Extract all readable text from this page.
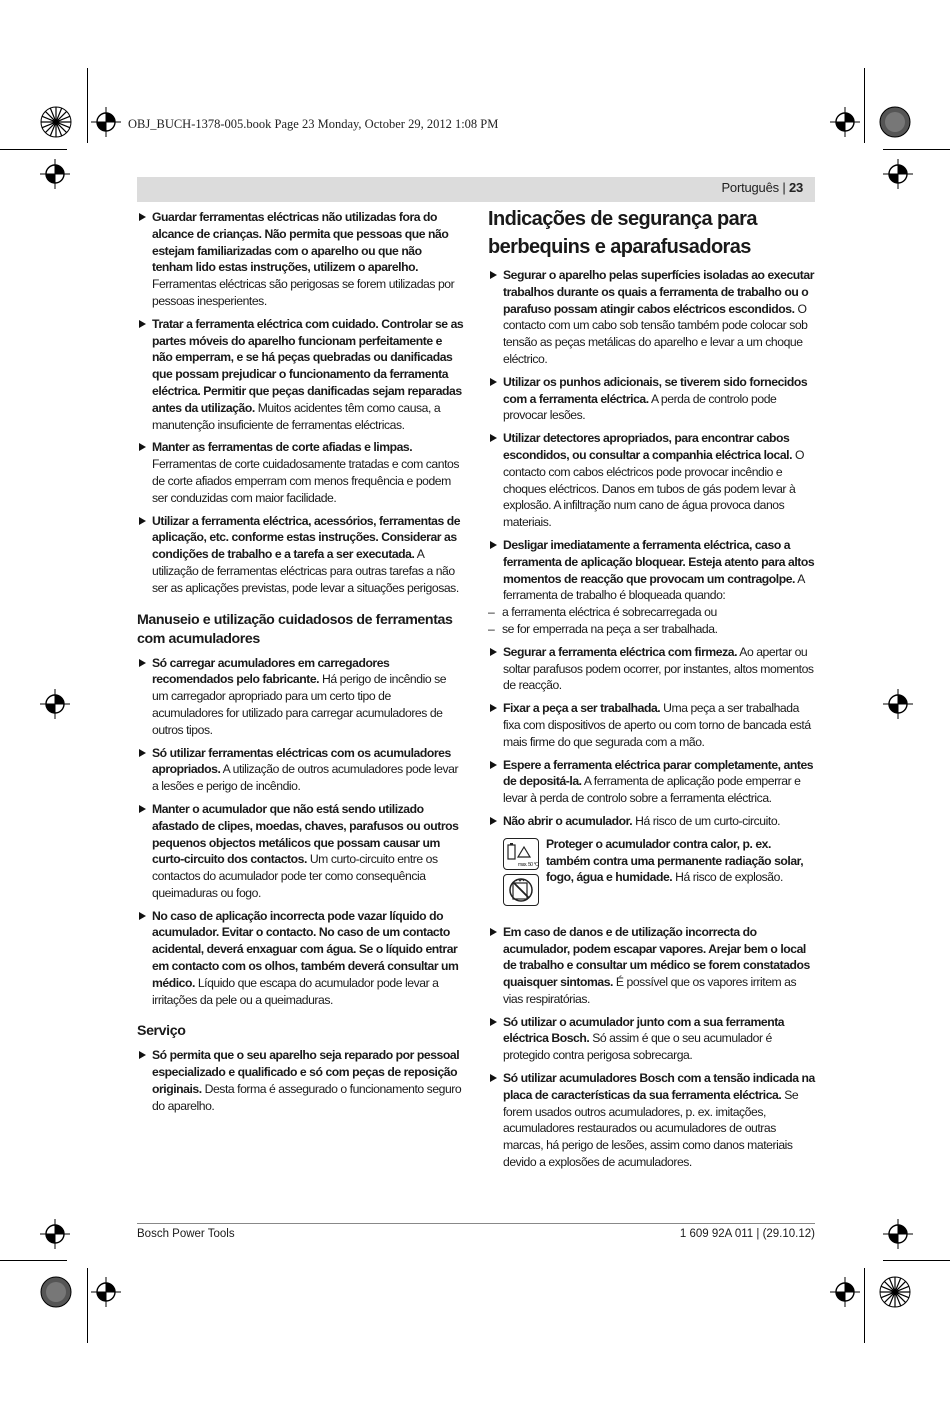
OBJ_BUCH-1378-005.book Page 23 Monday, October 29, 2012 1:08 PM
Português | 23
Guardar ferramentas eléctricas não utilizadas fora do alcance de crianças. Não permita que pessoas que não estejam familiarizadas com o aparelho ou que não tenham lido estas instruções, utilizem o aparelho. Ferramentas eléctricas são perigosas se forem utilizadas por pessoas inesperientes.
Tratar a ferramenta eléctrica com cuidado. Controlar se as partes móveis do aparelho funcionam perfeitamente e não emperram, e se há peças quebradas ou danificadas que possam prejudicar o funcionamento da ferramenta eléctrica. Permitir que peças danificadas sejam reparadas antes da utilização. Muitos acidentes têm como causa, a manutenção insuficiente de ferramentas eléctricas.
Manter as ferramentas de corte afiadas e limpas. Ferramentas de corte cuidadosamente tratadas e com cantos de corte afiados emperram com menos frequência e podem ser conduzidas com maior facilidade.
Utilizar a ferramenta eléctrica, acessórios, ferramentas de aplicação, etc. conforme estas instruções. Considerar as condições de trabalho e a tarefa a ser executada. A utilização de ferramentas eléctricas para outras tarefas a não ser as aplicações previstas, pode levar a situações perigosas.
Manuseio e utilização cuidadosos de ferramentas com acumuladores
Só carregar acumuladores em carregadores recomendados pelo fabricante. Há perigo de incêndio se um carregador apropriado para um certo tipo de acumuladores for utilizado para carregar acumuladores de outros tipos.
Só utilizar ferramentas eléctricas com os acumuladores apropriados. A utilização de outros acumuladores pode levar a lesões e perigo de incêndio.
Manter o acumulador que não está sendo utilizado afastado de clipes, moedas, chaves, parafusos ou outros pequenos objectos metálicos que possam causar um curto-circuito dos contactos. Um curto-circuito entre os contactos do acumulador pode ter como consequência queimaduras ou fogo.
No caso de aplicação incorrecta pode vazar líquido do acumulador. Evitar o contacto. No caso de um contacto acidental, deverá enxaguar com água. Se o líquido entrar em contacto com os olhos, também deverá consultar um médico. Líquido que escapa do acumulador pode levar a irritações da pele ou a queimaduras.
Serviço
Só permita que o seu aparelho seja reparado por pessoal especializado e qualificado e só com peças de reposição originais. Desta forma é assegurado o funcionamento seguro do aparelho.
Indicações de segurança para berbequins e aparafusadoras
Segurar o aparelho pelas superfícies isoladas ao executar trabalhos durante os quais a ferramenta de trabalho ou o parafuso possam atingir cabos eléctricos escondidos. O contacto com um cabo sob tensão também pode colocar sob tensão as peças metálicas do aparelho e levar a um choque eléctrico.
Utilizar os punhos adicionais, se tiverem sido fornecidos com a ferramenta eléctrica. A perda de controlo pode provocar lesões.
Utilizar detectores apropriados, para encontrar cabos escondidos, ou consultar a companhia eléctrica local. O contacto com cabos eléctricos pode provocar incêndio e choques eléctricos. Danos em tubos de gás podem levar à explosão. A infiltração num cano de água provoca danos materiais.
Desligar imediatamente a ferramenta eléctrica, caso a ferramenta de aplicação bloquear. Esteja atento para altos momentos de reacção que provocam um contragolpe. A ferramenta de trabalho é bloqueada quando:
– a ferramenta eléctrica é sobrecarregada ou
– se for emperrada na peça a ser trabalhada.
Segurar a ferramenta eléctrica com firmeza. Ao apertar ou soltar parafusos podem ocorrer, por instantes, altos momentos de reacção.
Fixar a peça a ser trabalhada. Uma peça a ser trabalhada fixa com dispositivos de aperto ou com torno de bancada está mais firme do que segurada com a mão.
Espere a ferramenta eléctrica parar completamente, antes de depositá-la. A ferramenta de aplicação pode emperrar e levar à perda de controlo sobre a ferramenta eléctrica.
Não abrir o acumulador. Há risco de um curto-circuito.
max. 50 °C
Proteger o acumulador contra calor, p. ex. também contra uma permanente radiação solar, fogo, água e humidade. Há risco de explosão.
Em caso de danos e de utilização incorrecta do acumulador, podem escapar vapores. Arejar bem o local de trabalho e consultar um médico se forem constatados quaisquer sintomas. É possível que os vapores irritem as vias respiratórias.
Só utilizar o acumulador junto com a sua ferramenta eléctrica Bosch. Só assim é que o seu acumulador é protegido contra perigosa sobrecarga.
Só utilizar acumuladores Bosch com a tensão indicada na placa de características da sua ferramenta eléctrica. Se forem usados outros acumuladores, p. ex. imitações, acumuladores restaurados ou acumuladores de outras marcas, há perigo de lesões, assim como danos materiais devido a explosões de acumuladores.
Bosch Power Tools	1 609 92A 011 | (29.10.12)
